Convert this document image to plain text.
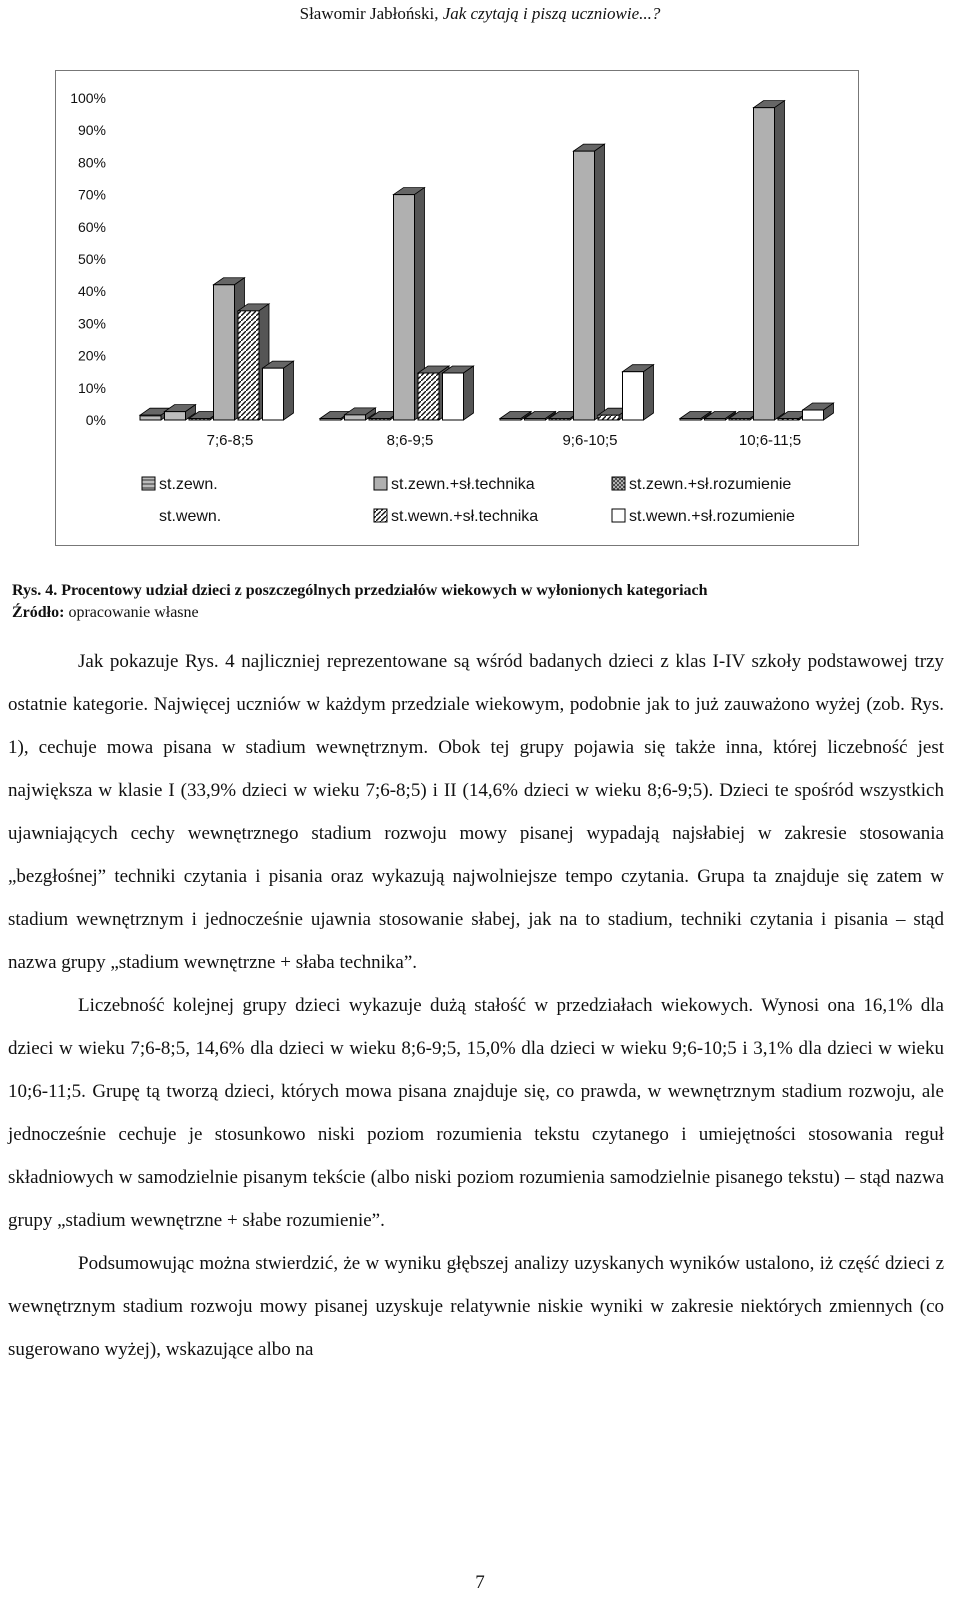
Sławomir Jabłoński, Jak czytają i piszą uczniowie...?
0%
10%
20%
30%
40%
50%
60%
70%
80%
90%
100%
7;6-8;5	8;6-9;5	9;6-10;5	10;6-11;5
st.zewn.	st.zewn.+sł.technika	st.zewn.+sł.rozumienie
st.wewn.	st.wewn.+sł.technika	st.wewn.+sł.rozumienie
Rys. 4. Procentowy udział dzieci z poszczególnych przedziałów wiekowych w wyłonionych kategoriach
Źródło: opracowanie własne

Jak pokazuje Rys. 4 najliczniej reprezentowane są wśród badanych dzieci z klas I-IV szkoły podstawowej trzy ostatnie kategorie. Najwięcej uczniów w każdym przedziale wiekowym, podobnie jak to już zauważono wyżej (zob. Rys. 1), cechuje mowa pisana w stadium wewnętrznym. Obok tej grupy pojawia się także inna, której liczebność jest największa w klasie I (33,9% dzieci w wieku 7;6-8;5) i II (14,6% dzieci w wieku 8;6-9;5). Dzieci te spośród wszystkich ujawniających cechy wewnętrznego stadium rozwoju mowy pisanej wypadają najsłabiej w zakresie stosowania „bezgłośnej” techniki czytania i pisania oraz wykazują najwolniejsze tempo czytania. Grupa ta znajduje się zatem w stadium wewnętrznym i jednocześnie ujawnia stosowanie słabej, jak na to stadium, techniki czytania i pisania – stąd nazwa grupy „stadium wewnętrzne + słaba technika”.

Liczebność kolejnej grupy dzieci wykazuje dużą stałość w przedziałach wiekowych. Wynosi ona 16,1% dla dzieci w wieku 7;6-8;5, 14,6% dla dzieci w wieku 8;6-9;5, 15,0% dla dzieci w wieku 9;6-10;5 i 3,1% dla dzieci w wieku 10;6-11;5. Grupę tą tworzą dzieci, których mowa pisana znajduje się, co prawda, w wewnętrznym stadium rozwoju, ale jednocześnie cechuje je stosunkowo niski poziom rozumienia tekstu czytanego i umiejętności stosowania reguł składniowych w samodzielnie pisanym tekście (albo niski poziom rozumienia samodzielnie pisanego tekstu) – stąd nazwa grupy „stadium wewnętrzne + słabe rozumienie”.

Podsumowując można stwierdzić, że w wyniku głębszej analizy uzyskanych wyników ustalono, iż część dzieci z wewnętrznym stadium rozwoju mowy pisanej uzyskuje relatywnie niskie wyniki w zakresie niektórych zmiennych (co sugerowano wyżej), wskazujące albo na

7
